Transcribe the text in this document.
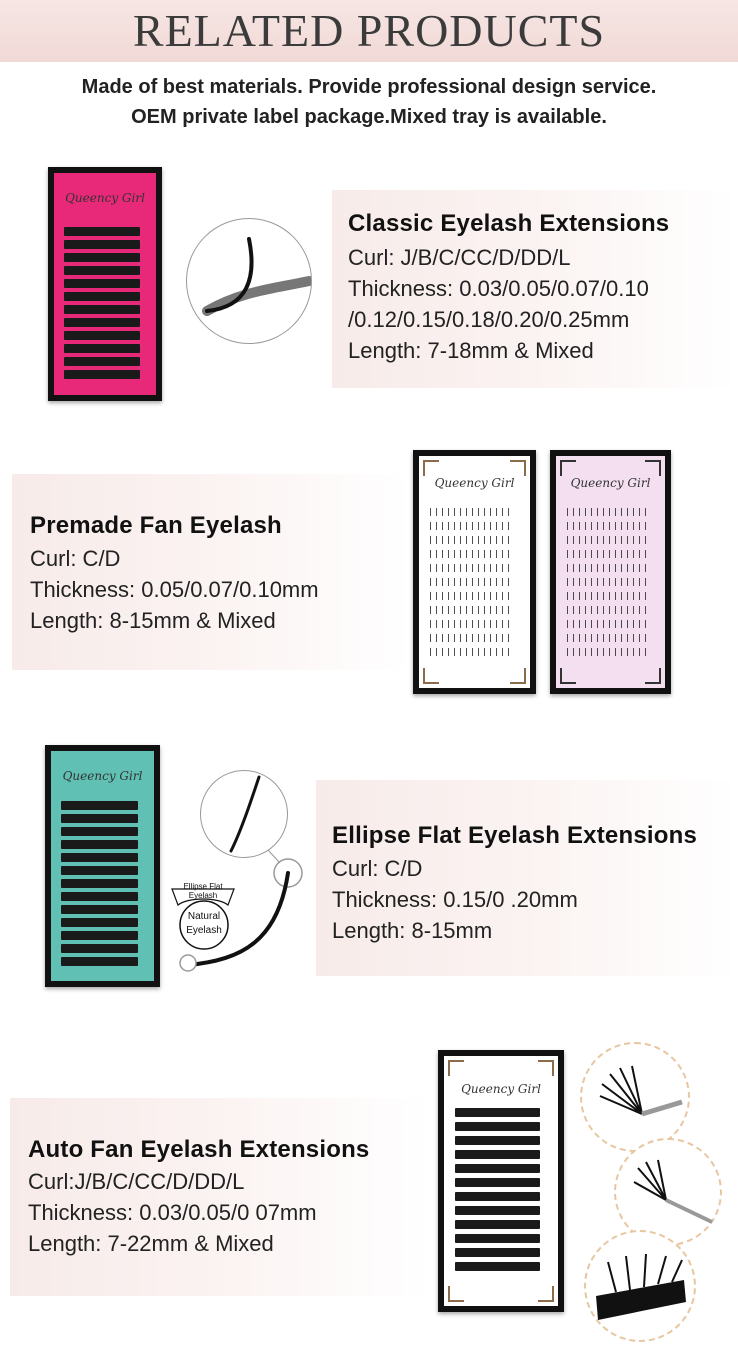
RELATED PRODUCTS
Made of best materials. Provide professional design service.
OEM private label package.Mixed tray is available.
Queency Girl
Classic Eyelash Extensions
Curl: J/B/C/CC/D/DD/L
Thickness: 0.03/0.05/0.07/0.10
/0.12/0.15/0.18/0.20/0.25mm
Length: 7-18mm & Mixed
Premade Fan Eyelash
Curl: C/D
Thickness: 0.05/0.07/0.10mm
Length: 8-15mm & Mixed
Queency Girl	Queency Girl
Queency Girl
Ellipse Flat Eyelash
Natural
Eyelash
Ellipse Flat Eyelash Extensions
Curl: C/D
Thickness: 0.15/0 .20mm
Length: 8-15mm
Auto Fan Eyelash Extensions
Curl:J/B/C/CC/D/DD/L
Thickness: 0.03/0.05/0 07mm
Length: 7-22mm & Mixed
Queency Girl
